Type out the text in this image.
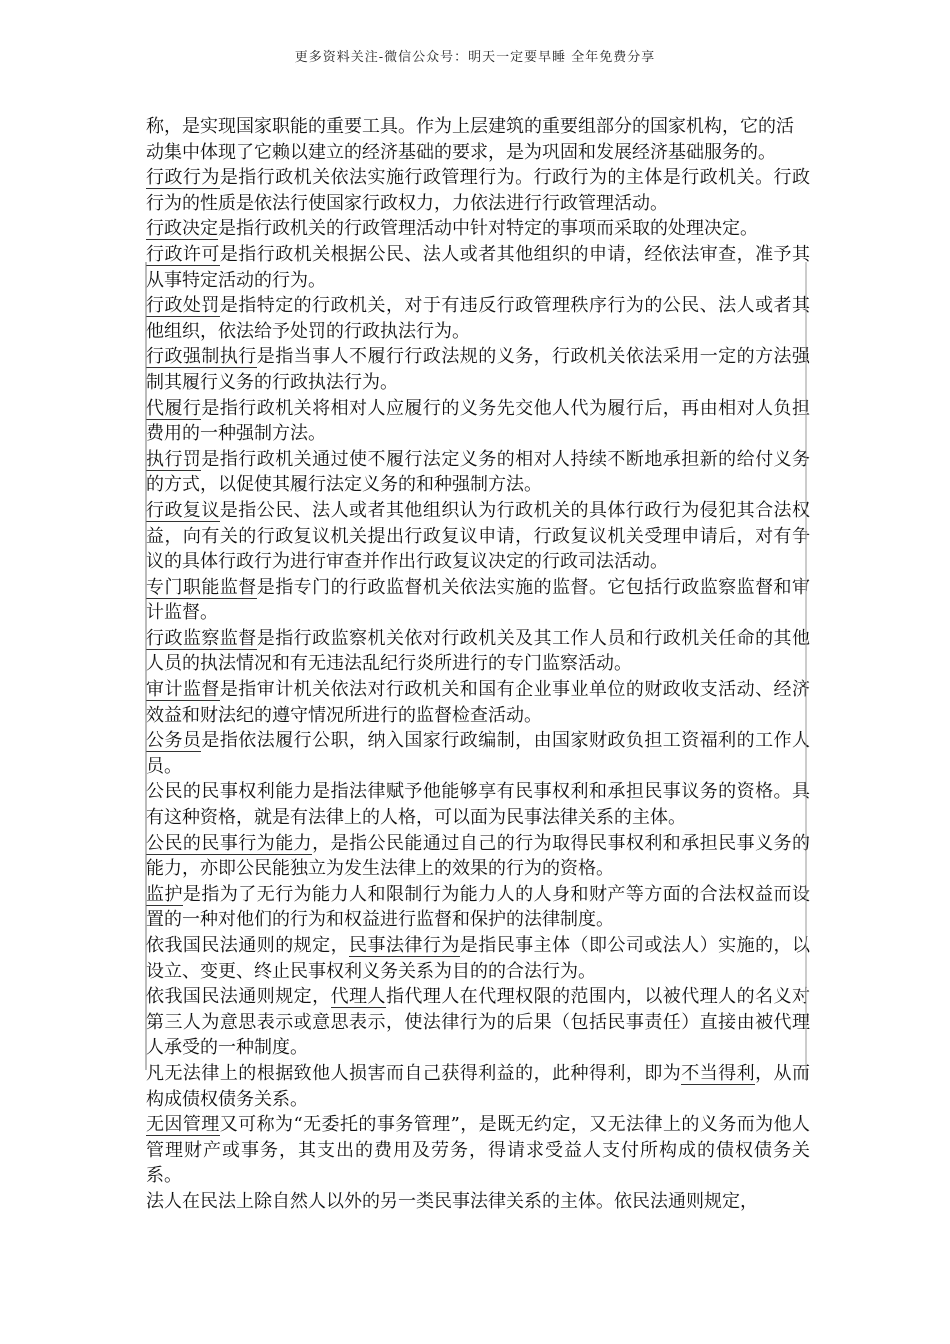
更多资料关注-微信公众号：明天一定要早睡 全年免费分享

称，是实现国家职能的重要工具。作为上层建筑的重要组部分的国家机构，它的活动集中体现了它赖以建立的经济基础的要求，是为巩固和发展经济基础服务的。

行政行为是指行政机关依法实施行政管理行为。行政行为的主体是行政机关。行政行为的性质是依法行使国家行政权力，力依法进行行政管理活动。

行政决定是指行政机关的行政管理活动中针对特定的事项而采取的处理决定。

行政许可是指行政机关根据公民、法人或者其他组织的申请，经依法审查，准予其从事特定活动的行为。

行政处罚是指特定的行政机关，对于有违反行政管理秩序行为的公民、法人或者其他组织，依法给予处罚的行政执法行为。

行政强制执行是指当事人不履行行政法规的义务，行政机关依法采用一定的方法强制其履行义务的行政执法行为。

代履行是指行政机关将相对人应履行的义务先交他人代为履行后，再由相对人负担费用的一种强制方法。

执行罚是指行政机关通过使不履行法定义务的相对人持续不断地承担新的给付义务的方式，以促使其履行法定义务的和种强制方法。

行政复议是指公民、法人或者其他组织认为行政机关的具体行政行为侵犯其合法权益，向有关的行政复议机关提出行政复议申请，行政复议机关受理申请后，对有争议的具体行政行为进行审查并作出行政复议决定的行政司法活动。

专门职能监督是指专门的行政监督机关依法实施的监督。它包括行政监察监督和审计监督。

行政监察监督是指行政监察机关依对行政机关及其工作人员和行政机关任命的其他人员的执法情况和有无违法乱纪行炎所进行的专门监察活动。

审计监督是指审计机关依法对行政机关和国有企业事业单位的财政收支活动、经济效益和财法纪的遵守情况所进行的监督检查活动。

公务员是指依法履行公职，纳入国家行政编制，由国家财政负担工资福利的工作人员。

公民的民事权利能力是指法律赋予他能够享有民事权利和承担民事议务的资格。具有这种资格，就是有法律上的人格，可以面为民事法律关系的主体。

公民的民事行为能力，是指公民能通过自己的行为取得民事权利和承担民事义务的能力，亦即公民能独立为发生法律上的效果的行为的资格。

监护是指为了无行为能力人和限制行为能力人的人身和财产等方面的合法权益而设置的一种对他们的行为和权益进行监督和保护的法律制度。

依我国民法通则的规定，民事法律行为是指民事主体（即公司或法人）实施的，以设立、变更、终止民事权利义务关系为目的的合法行为。

依我国民法通则规定，代理人指代理人在代理权限的范围内，以被代理人的名义对第三人为意思表示或意思表示，使法律行为的后果（包括民事责任）直接由被代理人承受的一种制度。

凡无法律上的根据致他人损害而自己获得利益的，此种得利，即为不当得利，从而构成债权债务关系。

无因管理又可称为“无委托的事务管理”，是既无约定，又无法律上的义务而为他人管理财产或事务，其支出的费用及劳务，得请求受益人支付所构成的债权债务关系。

法人在民法上除自然人以外的另一类民事法律关系的主体。依民法通则规定，
